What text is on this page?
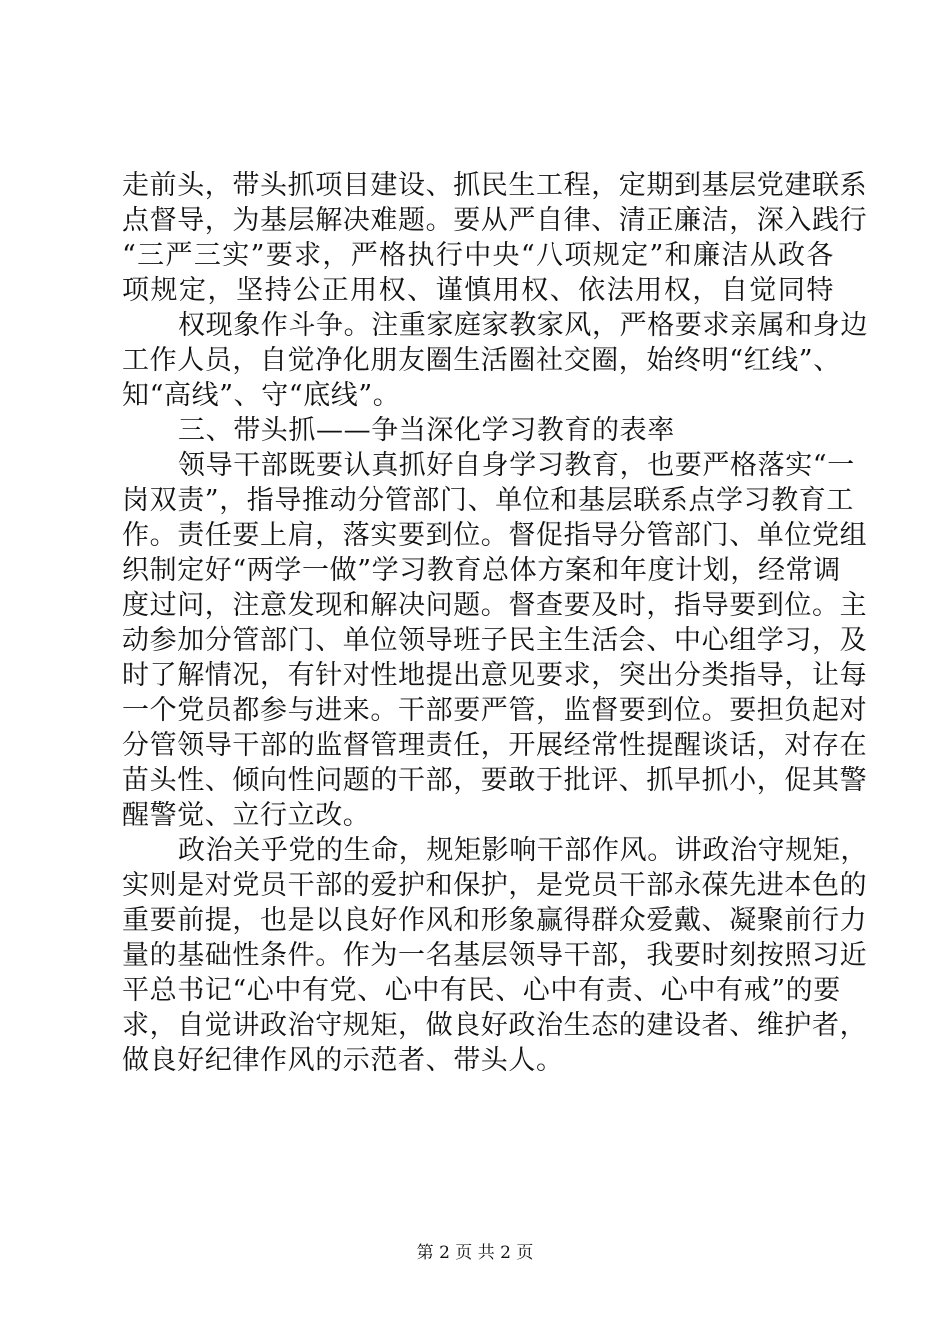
走前头，带头抓项目建设、抓民生工程，定期到基层党建联系
点督导，为基层解决难题。要从严自律、清正廉洁，深入践行
“三严三实”要求，严格执行中央“八项规定”和廉洁从政各
项规定，坚持公正用权、谨慎用权、依法用权，自觉同特
权现象作斗争。注重家庭家教家风，严格要求亲属和身边
工作人员，自觉净化朋友圈生活圈社交圈，始终明“红线”、
知“高线”、守“底线”。
三、带头抓——争当深化学习教育的表率
领导干部既要认真抓好自身学习教育，也要严格落实“一
岗双责”，指导推动分管部门、单位和基层联系点学习教育工
作。责任要上肩，落实要到位。督促指导分管部门、单位党组
织制定好“两学一做”学习教育总体方案和年度计划，经常调
度过问，注意发现和解决问题。督查要及时，指导要到位。主
动参加分管部门、单位领导班子民主生活会、中心组学习，及
时了解情况，有针对性地提出意见要求，突出分类指导，让每
一个党员都参与进来。干部要严管，监督要到位。要担负起对
分管领导干部的监督管理责任，开展经常性提醒谈话，对存在
苗头性、倾向性问题的干部，要敢于批评、抓早抓小，促其警
醒警觉、立行立改。
政治关乎党的生命，规矩影响干部作风。讲政治守规矩，
实则是对党员干部的爱护和保护，是党员干部永葆先进本色的
重要前提，也是以良好作风和形象赢得群众爱戴、凝聚前行力
量的基础性条件。作为一名基层领导干部，我要时刻按照习近
平总书记“心中有党、心中有民、心中有责、心中有戒”的要
求，自觉讲政治守规矩，做良好政治生态的建设者、维护者，
做良好纪律作风的示范者、带头人。
第 2 页 共 2 页
